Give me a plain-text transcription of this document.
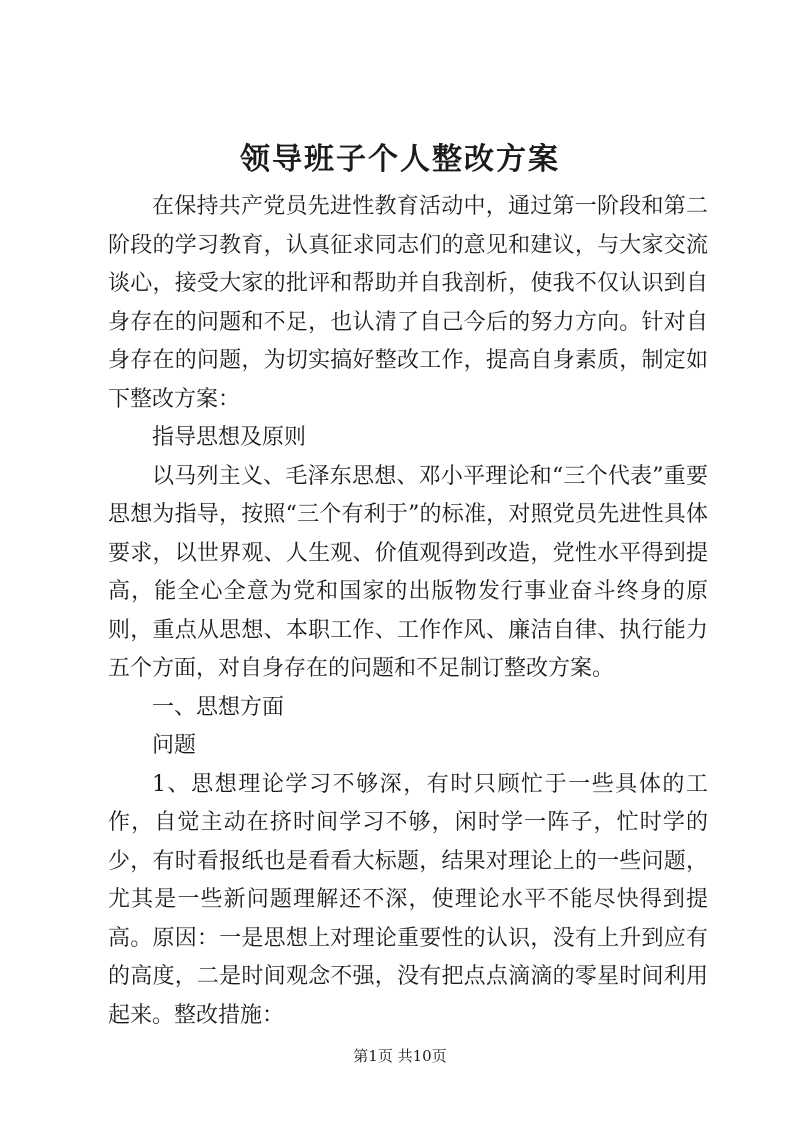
领导班子个人整改方案

在保持共产党员先进性教育活动中，通过第一阶段和第二阶段的学习教育，认真征求同志们的意见和建议，与大家交流谈心，接受大家的批评和帮助并自我剖析，使我不仅认识到自身存在的问题和不足，也认清了自己今后的努力方向。针对自身存在的问题，为切实搞好整改工作，提高自身素质，制定如下整改方案：

指导思想及原则

以马列主义、毛泽东思想、邓小平理论和“三个代表”重要思想为指导，按照“三个有利于”的标准，对照党员先进性具体要求，以世界观、人生观、价值观得到改造，党性水平得到提高，能全心全意为党和国家的出版物发行事业奋斗终身的原则，重点从思想、本职工作、工作作风、廉洁自律、执行能力五个方面，对自身存在的问题和不足制订整改方案。

一、思想方面

问题

1、思想理论学习不够深，有时只顾忙于一些具体的工作，自觉主动在挤时间学习不够，闲时学一阵子，忙时学的少，有时看报纸也是看看大标题，结果对理论上的一些问题，尤其是一些新问题理解还不深，使理论水平不能尽快得到提高。原因：一是思想上对理论重要性的认识，没有上升到应有的高度，二是时间观念不强，没有把点点滴滴的零星时间利用起来。整改措施：

第1页 共10页
